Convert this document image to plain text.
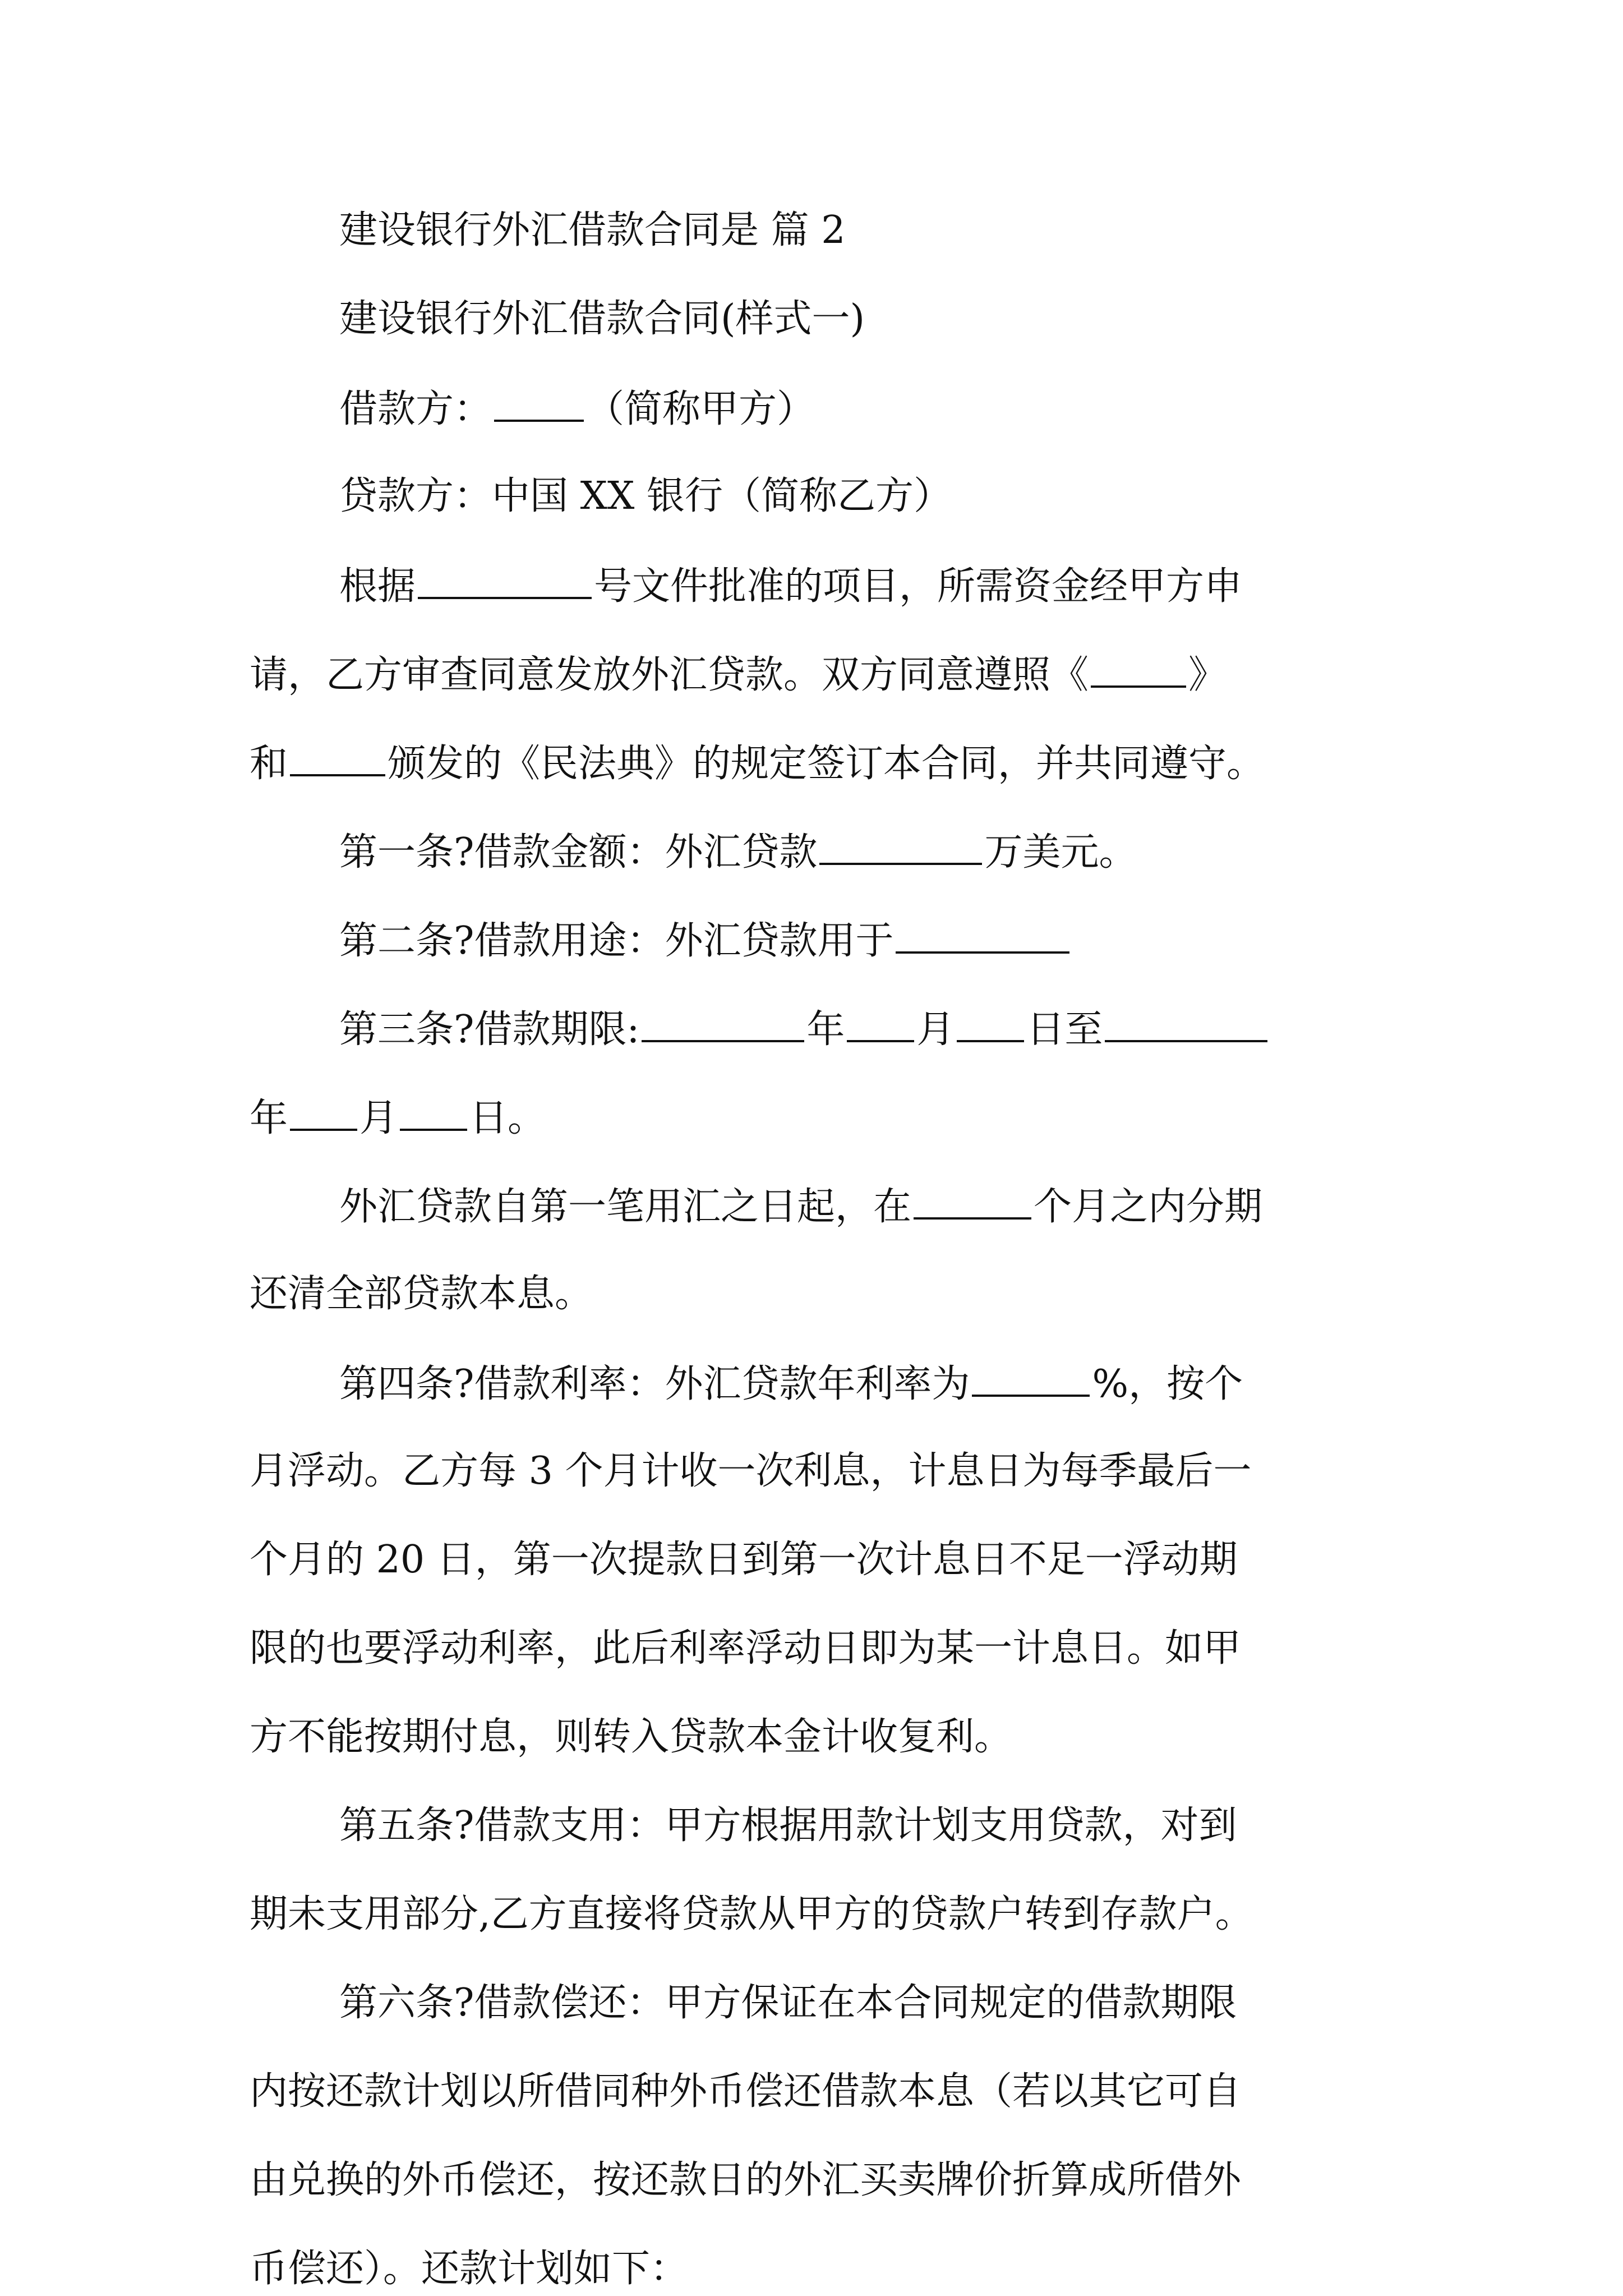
建设银行外汇借款合同是 篇 2

建设银行外汇借款合同(样式一)

借款方： （简称甲方）

贷款方：中国 XX 银行（简称乙方）

根据	号文件批准的项目，所需资金经甲方申

请，乙方审查同意发放外汇贷款。双方同意遵照《	》

和	颁发的《民法典》的规定签订本合同，并共同遵守。

第一条?借款金额：外汇贷款	万美元。

第二条?借款用途：外汇贷款用于

第三条?借款期限:	年 月 日至

年 月 日。

外汇贷款自第一笔用汇之日起，在	个月之内分期

还清全部贷款本息。

第四条?借款利率：外汇贷款年利率为	%，按个

月浮动。乙方每 3 个月计收一次利息，计息日为每季最后一

个月的 20 日，第一次提款日到第一次计息日不足一浮动期

限的也要浮动利率，此后利率浮动日即为某一计息日。如甲

方不能按期付息，则转入贷款本金计收复利。

第五条?借款支用：甲方根据用款计划支用贷款，对到

期未支用部分,乙方直接将贷款从甲方的贷款户转到存款户。

第六条?借款偿还：甲方保证在本合同规定的借款期限

内按还款计划以所借同种外币偿还借款本息（若以其它可自

由兑换的外币偿还，按还款日的外汇买卖牌价折算成所借外

币偿还）。还款计划如下：
